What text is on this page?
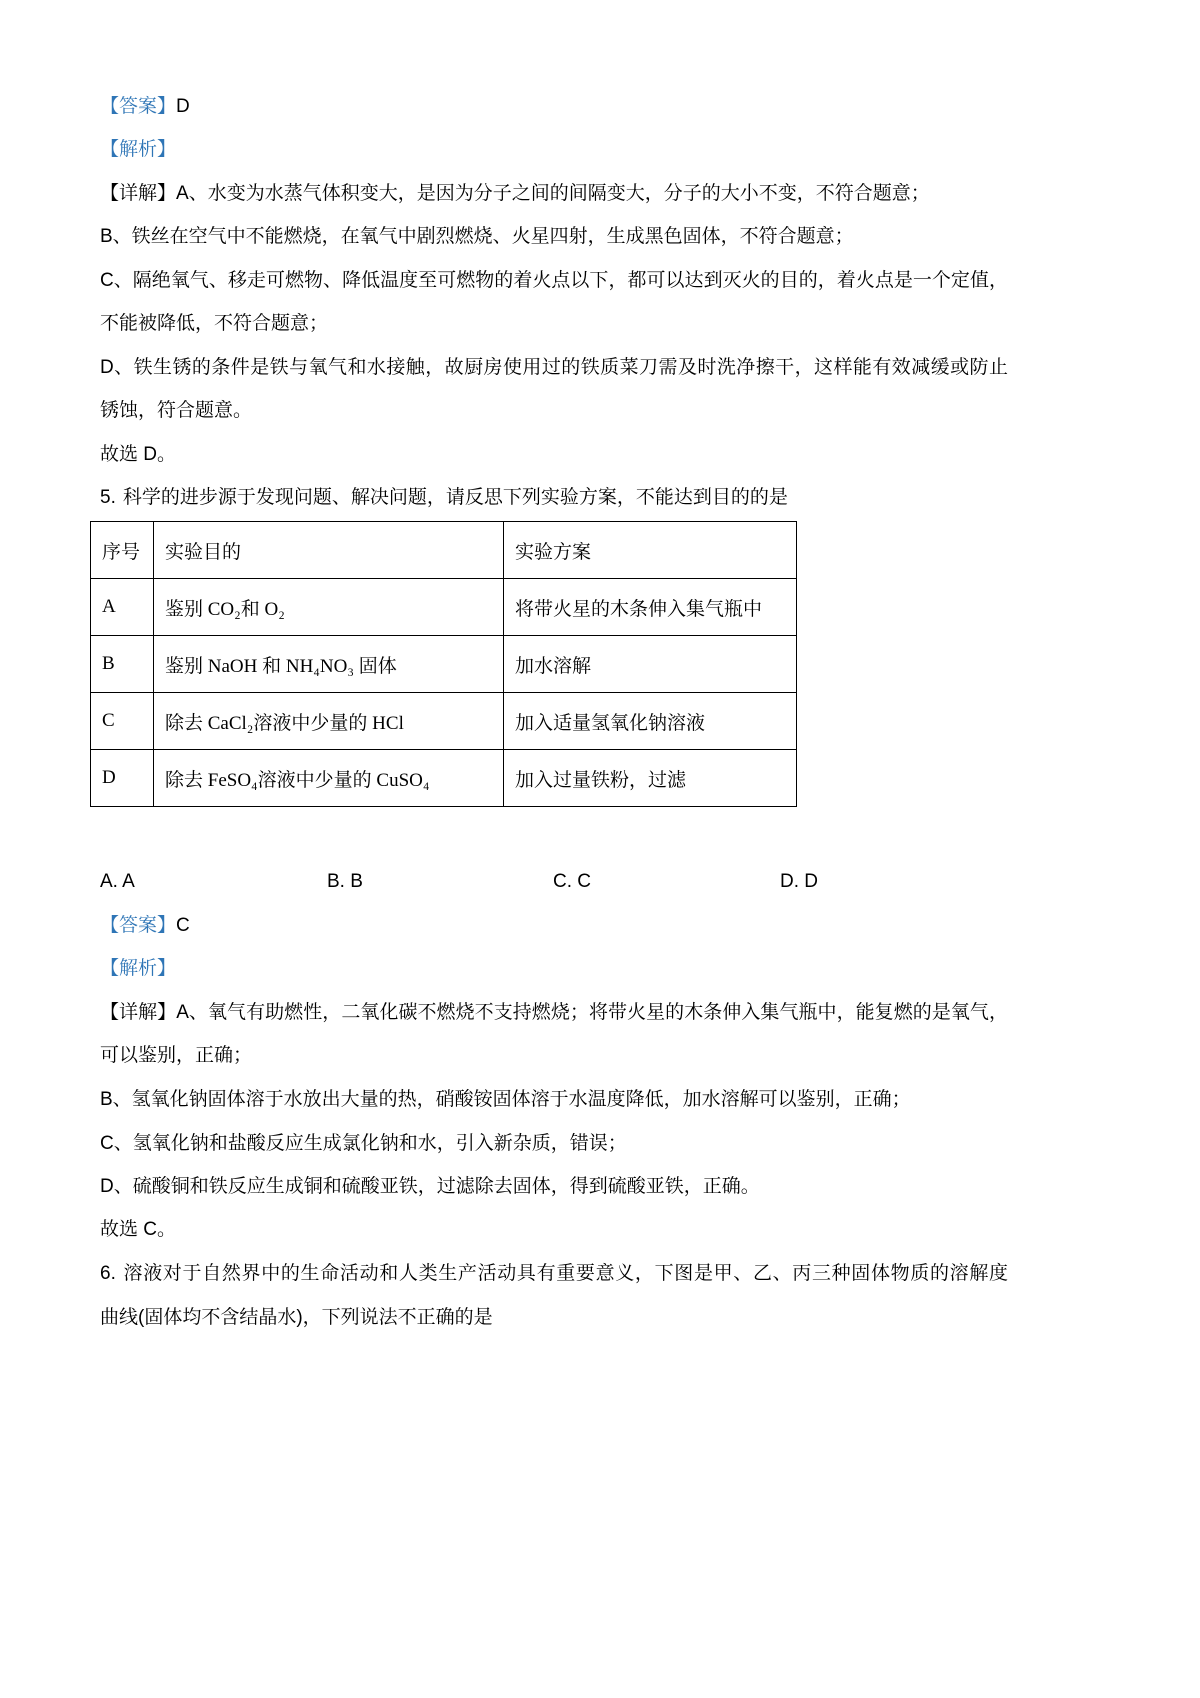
【答案】D
【解析】
【详解】A、水变为水蒸气体积变大，是因为分子之间的间隔变大，分子的大小不变，不符合题意；
B、铁丝在空气中不能燃烧，在氧气中剧烈燃烧、火星四射，生成黑色固体，不符合题意；
C、隔绝氧气、移走可燃物、降低温度至可燃物的着火点以下，都可以达到灭火的目的，着火点是一个定值，
不能被降低，不符合题意；
D、铁生锈的条件是铁与氧气和水接触，故厨房使用过的铁质菜刀需及时洗净擦干，这样能有效减缓或防止
锈蚀，符合题意。
故选 D。
5. 科学的进步源于发现问题、解决问题，请反思下列实验方案，不能达到目的的是
序号	实验目的	实验方案
A	鉴别 CO₂和 O₂	将带火星的木条伸入集气瓶中
B	鉴别 NaOH 和 NH₄NO₃ 固体	加水溶解
C	除去 CaCl₂溶液中少量的 HCl	加入适量氢氧化钠溶液
D	除去 FeSO₄溶液中少量的 CuSO₄	加入过量铁粉，过滤
A. A	B. B	C. C	D. D
【答案】C
【解析】
【详解】A、氧气有助燃性，二氧化碳不燃烧不支持燃烧；将带火星的木条伸入集气瓶中，能复燃的是氧气，
可以鉴别，正确；
B、氢氧化钠固体溶于水放出大量的热，硝酸铵固体溶于水温度降低，加水溶解可以鉴别，正确；
C、氢氧化钠和盐酸反应生成氯化钠和水，引入新杂质，错误；
D、硫酸铜和铁反应生成铜和硫酸亚铁，过滤除去固体，得到硫酸亚铁，正确。
故选 C。
6. 溶液对于自然界中的生命活动和人类生产活动具有重要意义，下图是甲、乙、丙三种固体物质的溶解度
曲线(固体均不含结晶水)，下列说法不正确的是
